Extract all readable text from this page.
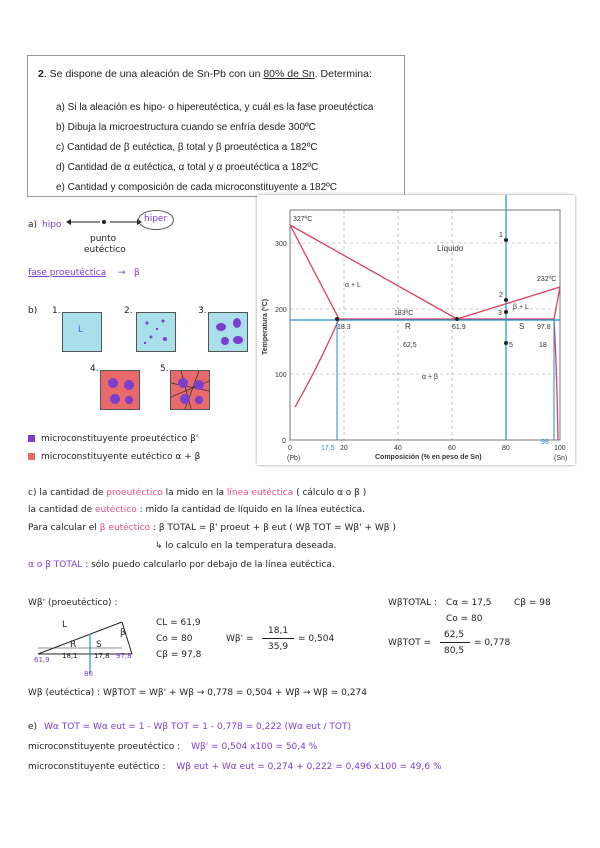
2. Se dispone de una aleación de Sn-Pb con un 80% de Sn. Determina:
a) Si la aleación es hipo- o hipereutéctica, y cuál es la fase proeutéctica
b) Dibuja la microestructura cuando se enfría desde 300ºC
c) Cantidad de β eutéctica, β total y β proeutéctica a 182ºC
d) Cantidad de α eutéctica, α total y α proeutéctica a 182ºC
e) Cantidad y composición de cada microconstituyente a 182ºC
a) hipo
hiper
punto
eutéctico
fase proeutéctica → β
b) 1.
L
2.	3.
4.	5.
microconstituyente proeutéctico β'
microconstituyente eutéctico α + β
0
100
200
300
0	20	40	60	80	100
(Pb)	(Sn)
327ºC
232ºC
183ºC
18.3	61.9	97.8
Líquido
α + L
β + L
α + β
R	S
62,5	18
1
2
3
5
17,5
98
Temperatura (ºC)
Composición (% en peso de Sn)
c) la cantidad de proeutéctico la mido en la línea eutéctica ( cálculo α o β )
la cantidad de eutéctico : mido la cantidad de líquido en la línea eutéctica.
Para calcular el β eutéctico : β TOTAL = β' proeut + β eut ( Wβ TOT = Wβ' + Wβ )
↳ lo calculo en la temperatura deseada.
α o β TOTAL : sólo puedo calcularlo por debajo de la línea eutéctica.
Wβ' (proeutéctico) :
L
R S
β
61,9 18,1 17,8 97,8
80
CL = 61,9
Co = 80
Cβ = 97,8
Wβ' =
18,1
35,9
= 0,504
WβTOTAL : Cα = 17,5 Cβ = 98
Co = 80
WβTOT =
62,5
80,5
= 0,778
Wβ (eutéctica) : WβTOT = Wβ' + Wβ → 0,778 = 0,504 + Wβ → Wβ = 0,274
e) Wα TOT = Wα eut = 1 - Wβ TOT = 1 - 0,778 = 0,222 (Wα eut / TOT)
microconstituyente proeutéctico : Wβ' = 0,504 x100 = 50,4 %
microconstituyente eutéctico : Wβ eut + Wα eut = 0,274 + 0,222 = 0,496 x100 = 49,6 %
